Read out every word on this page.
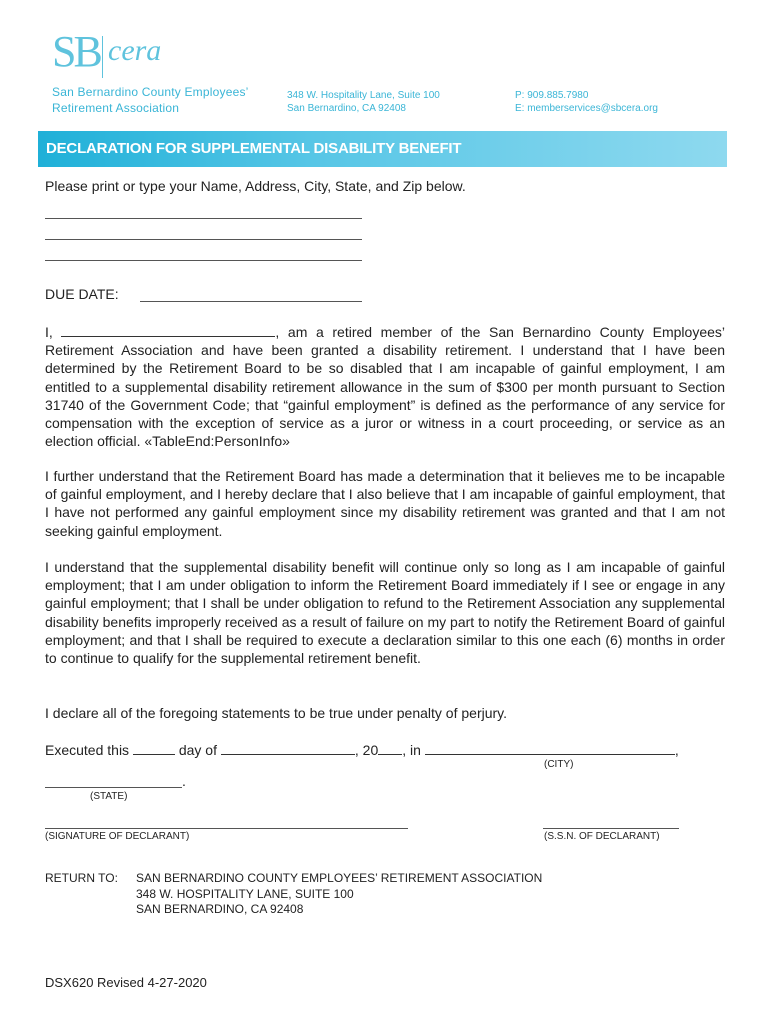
SB cera
San Bernardino County Employees’
Retirement Association
348 W. Hospitality Lane, Suite 100
San Bernardino, CA 92408
P: 909.885.7980
E: memberservices@sbcera.org
DECLARATION FOR SUPPLEMENTAL DISABILITY BENEFIT
Please print or type your Name, Address, City, State, and Zip below.
DUE DATE:
I,	, am a retired member of the San Bernardino County Employees’ Retirement Association and have been granted a disability retirement. I understand that I have been determined by the Retirement Board to be so disabled that I am incapable of gainful employment, I am entitled to a supplemental disability retirement allowance in the sum of $300 per month pursuant to Section 31740 of the Government Code; that “gainful employment” is defined as the performance of any service for compensation with the exception of service as a juror or witness in a court proceeding, or service as an election official. «TableEnd:PersonInfo»
I further understand that the Retirement Board has made a determination that it believes me to be incapable of gainful employment, and I hereby declare that I also believe that I am incapable of gainful employment, that I have not performed any gainful employment since my disability retirement was granted and that I am not seeking gainful employment.
I understand that the supplemental disability benefit will continue only so long as I am incapable of gainful employment; that I am under obligation to inform the Retirement Board immediately if I see or engage in any gainful employment; that I shall be under obligation to refund to the Retirement Association any supplemental disability benefits improperly received as a result of failure on my part to notify the Retirement Board of gainful employment; and that I shall be required to execute a declaration similar to this one each (6) months in order to continue to qualify for the supplemental retirement benefit.
I declare all of the foregoing statements to be true under penalty of perjury.
Executed this	day of	, 20 , in	,
(CITY)
.
(STATE)
(SIGNATURE OF DECLARANT)	(S.S.N. OF DECLARANT)
RETURN TO: SAN BERNARDINO COUNTY EMPLOYEES’ RETIREMENT ASSOCIATION
348 W. HOSPITALITY LANE, SUITE 100
SAN BERNARDINO, CA 92408
DSX620 Revised 4-27-2020
